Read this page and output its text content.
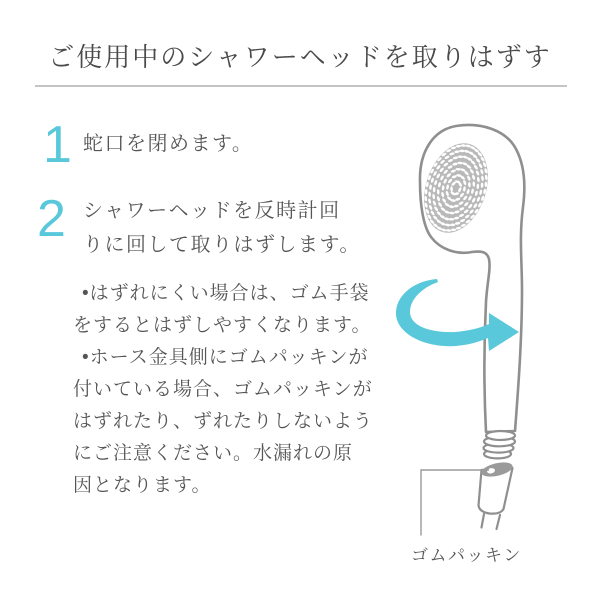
ご使用中のシャワーヘッドを取りはずす
1 蛇口を閉めます。
2 シャワーヘッドを反時計回
りに回して取りはずします。
•はずれにくい場合は、ゴム手袋
をするとはずしやすくなります。
•ホース金具側にゴムパッキンが
付いている場合、ゴムパッキンが
はずれたり、ずれたりしないよう
にご注意ください。水漏れの原
因となります。
ゴムパッキン
